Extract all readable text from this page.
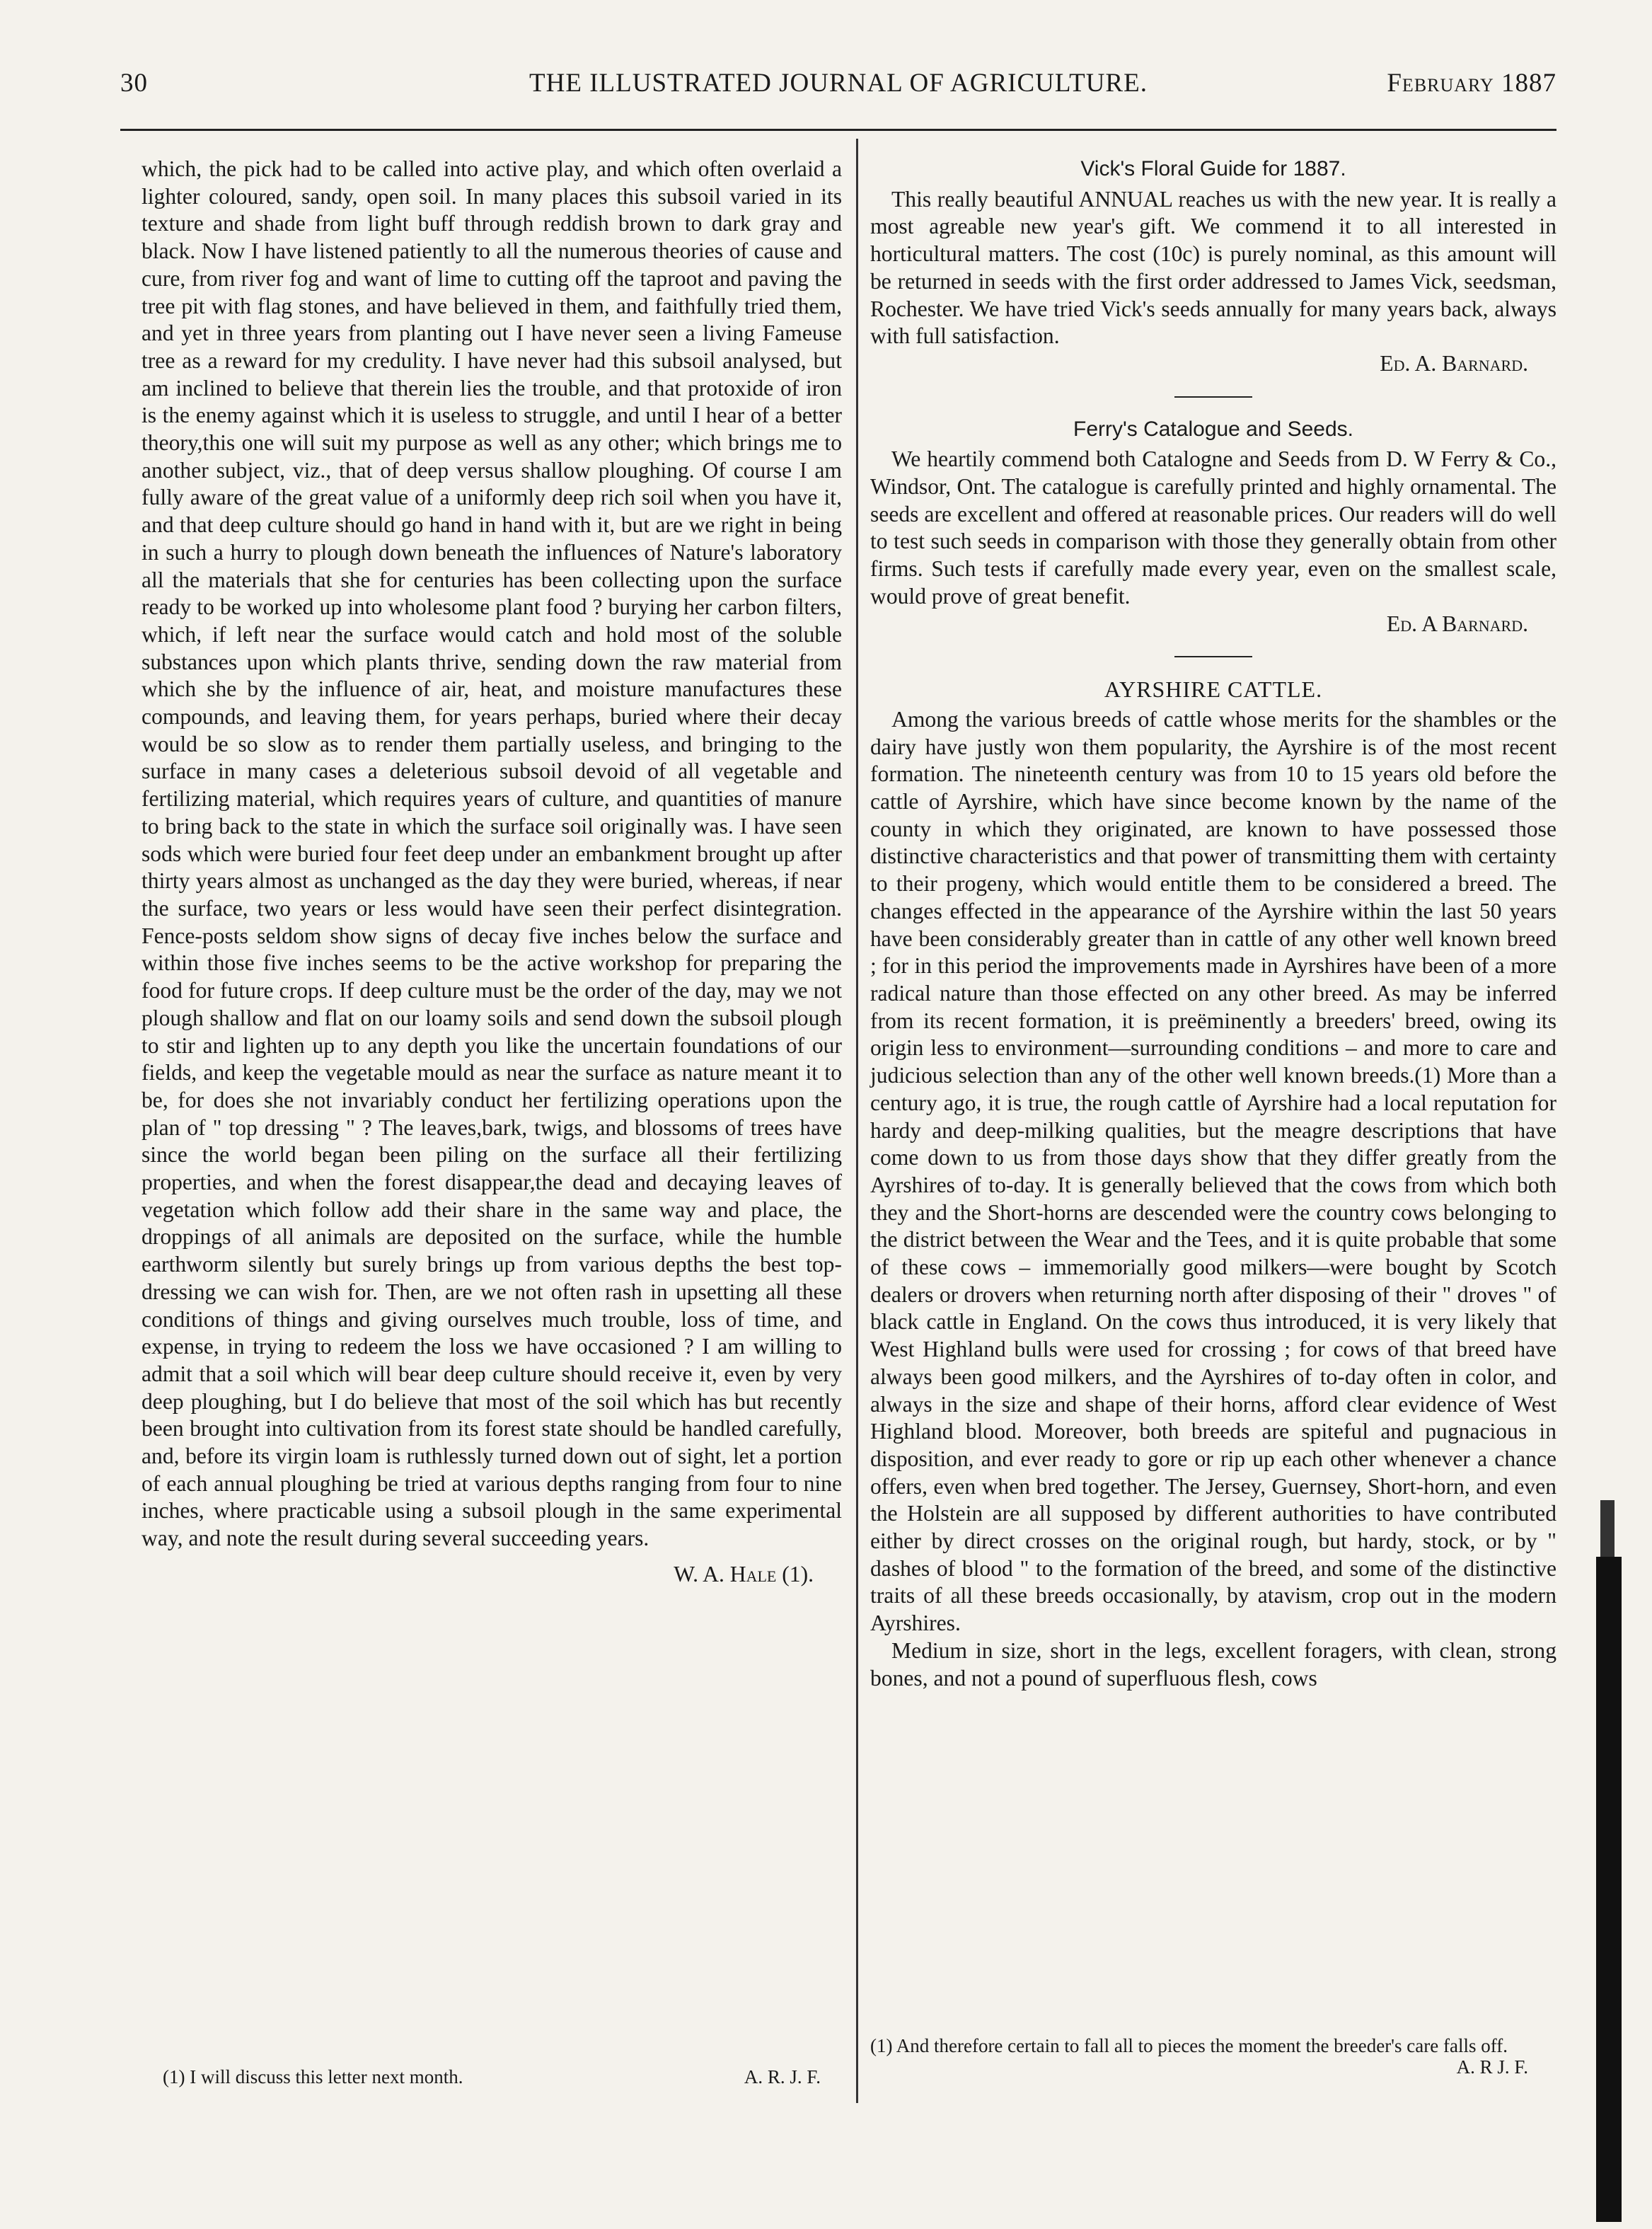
30	THE ILLUSTRATED JOURNAL OF AGRICULTURE.	February 1887

which, the pick had to be called into active play, and which often overlaid a lighter coloured, sandy, open soil. In many places this subsoil varied in its texture and shade from light buff through reddish brown to dark gray and black. Now I have listened patiently to all the numerous theories of cause and cure, from river fog and want of lime to cutting off the taproot and paving the tree pit with flag stones, and have believed in them, and faithfully tried them, and yet in three years from planting out I have never seen a living Fameuse tree as a reward for my credulity. I have never had this subsoil analysed, but am inclined to believe that therein lies the trouble, and that protoxide of iron is the enemy against which it is useless to struggle, and until I hear of a better theory,this one will suit my purpose as well as any other; which brings me to another subject, viz., that of deep versus shallow ploughing. Of course I am fully aware of the great value of a uniformly deep rich soil when you have it, and that deep culture should go hand in hand with it, but are we right in being in such a hurry to plough down beneath the influences of Nature's laboratory all the materials that she for centuries has been collecting upon the surface ready to be worked up into wholesome plant food ? burying her carbon filters, which, if left near the surface would catch and hold most of the soluble substances upon which plants thrive, sending down the raw material from which she by the influence of air, heat, and moisture manufactures these compounds, and leaving them, for years perhaps, buried where their decay would be so slow as to render them partially useless, and bringing to the surface in many cases a deleterious subsoil devoid of all vegetable and fertilizing material, which requires years of culture, and quantities of manure to bring back to the state in which the surface soil originally was. I have seen sods which were buried four feet deep under an embankment brought up after thirty years almost as unchanged as the day they were buried, whereas, if near the surface, two years or less would have seen their perfect disintegration. Fence-posts seldom show signs of decay five inches below the surface and within those five inches seems to be the active workshop for preparing the food for future crops. If deep culture must be the order of the day, may we not plough shallow and flat on our loamy soils and send down the subsoil plough to stir and lighten up to any depth you like the uncertain foundations of our fields, and keep the vegetable mould as near the surface as nature meant it to be, for does she not invariably conduct her fertilizing operations upon the plan of " top dressing " ? The leaves,bark, twigs, and blossoms of trees have since the world began been piling on the surface all their fertilizing properties, and when the forest disappear,the dead and decaying leaves of vegetation which follow add their share in the same way and place, the droppings of all animals are deposited on the surface, while the humble earthworm silently but surely brings up from various depths the best top-dressing we can wish for. Then, are we not often rash in upsetting all these conditions of things and giving ourselves much trouble, loss of time, and expense, in trying to redeem the loss we have occasioned ? I am willing to admit that a soil which will bear deep culture should receive it, even by very deep ploughing, but I do believe that most of the soil which has but recently been brought into cultivation from its forest state should be handled carefully, and, before its virgin loam is ruthlessly turned down out of sight, let a portion of each annual ploughing be tried at various depths ranging from four to nine inches, where practicable using a subsoil plough in the same experimental way, and note the result during several succeeding years.

W. A. Hale (1).

(1) I will discuss this letter next month.	A. R. J. F.
Vick's Floral Guide for 1887.

This really beautiful ANNUAL reaches us with the new year. It is really a most agreable new year's gift. We commend it to all interested in horticultural matters. The cost (10c) is purely nominal, as this amount will be returned in seeds with the first order addressed to James Vick, seedsman, Rochester. We have tried Vick's seeds annually for many years back, always with full satisfaction.

Ed. A. Barnard.

Ferry's Catalogue and Seeds.

We heartily commend both Catalogne and Seeds from D. W Ferry & Co., Windsor, Ont. The catalogue is carefully printed and highly ornamental. The seeds are excellent and offered at reasonable prices. Our readers will do well to test such seeds in comparison with those they generally obtain from other firms. Such tests if carefully made every year, even on the smallest scale, would prove of great benefit.

Ed. A Barnard.

AYRSHIRE CATTLE.

Among the various breeds of cattle whose merits for the shambles or the dairy have justly won them popularity, the Ayrshire is of the most recent formation. The nineteenth century was from 10 to 15 years old before the cattle of Ayrshire, which have since become known by the name of the county in which they originated, are known to have possessed those distinctive characteristics and that power of transmitting them with certainty to their progeny, which would entitle them to be considered a breed. The changes effected in the appearance of the Ayrshire within the last 50 years have been considerably greater than in cattle of any other well known breed ; for in this period the improvements made in Ayrshires have been of a more radical nature than those effected on any other breed. As may be inferred from its recent formation, it is preëminently a breeders' breed, owing its origin less to environment—surrounding conditions – and more to care and judicious selection than any of the other well known breeds.(1) More than a century ago, it is true, the rough cattle of Ayrshire had a local reputation for hardy and deep-milking qualities, but the meagre descriptions that have come down to us from those days show that they differ greatly from the Ayrshires of to-day. It is generally believed that the cows from which both they and the Short-horns are descended were the country cows belonging to the district between the Wear and the Tees, and it is quite probable that some of these cows – immemorially good milkers—were bought by Scotch dealers or drovers when returning north after disposing of their " droves " of black cattle in England. On the cows thus introduced, it is very likely that West Highland bulls were used for crossing ; for cows of that breed have always been good milkers, and the Ayrshires of to-day often in color, and always in the size and shape of their horns, afford clear evidence of West Highland blood. Moreover, both breeds are spiteful and pugnacious in disposition, and ever ready to gore or rip up each other whenever a chance offers, even when bred together. The Jersey, Guernsey, Short-horn, and even the Holstein are all supposed by different authorities to have contributed either by direct crosses on the original rough, but hardy, stock, or by " dashes of blood " to the formation of the breed, and some of the distinctive traits of all these breeds occasionally, by atavism, crop out in the modern Ayrshires.

Medium in size, short in the legs, excellent foragers, with clean, strong bones, and not a pound of superfluous flesh, cows

(1) And therefore certain to fall all to pieces the moment the breeder's care falls off.
A. R J. F.
